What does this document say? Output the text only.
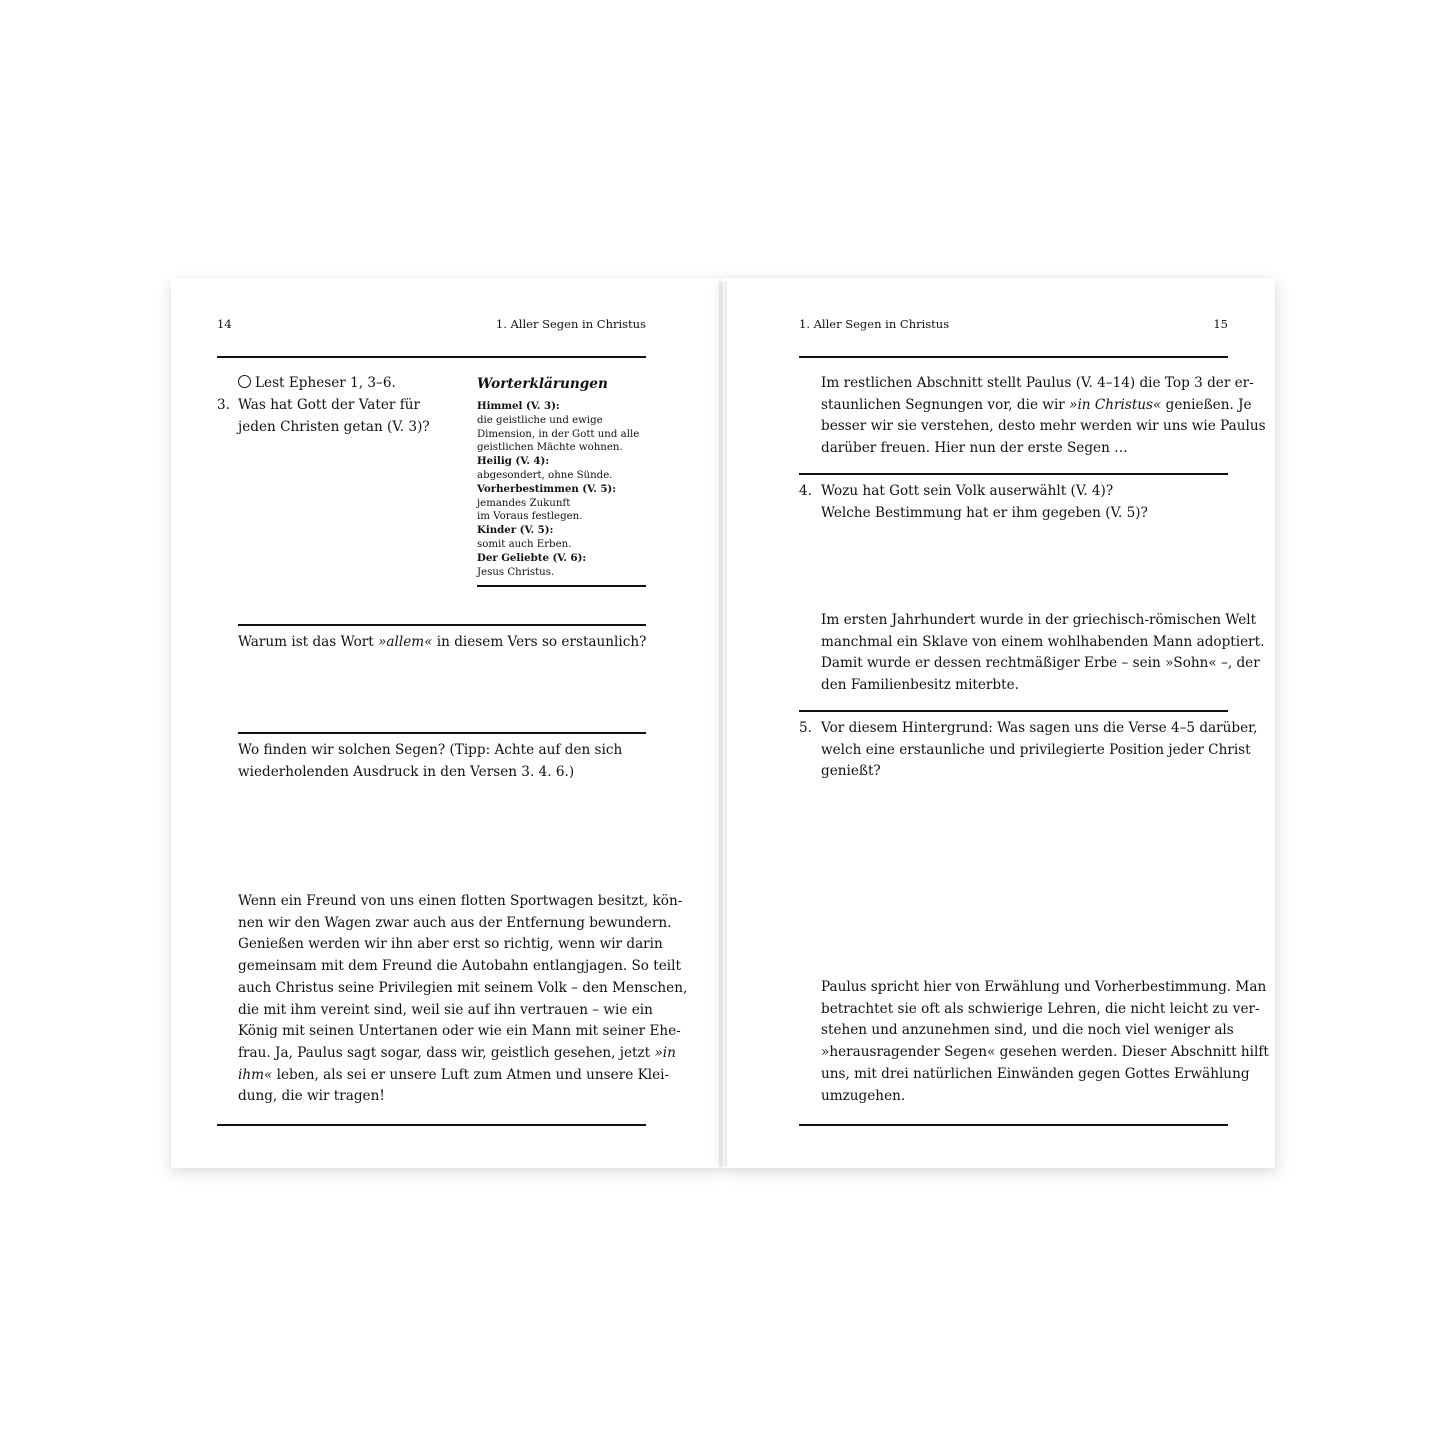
14	1. Aller Segen in Christus
Lest Epheser 1, 3–6.
3. Was hat Gott der Vater für
jeden Christen getan (V. 3)?
Worterklärungen
Himmel (V. 3):
die geistliche und ewige
Dimension, in der Gott und alle
geistlichen Mächte wohnen.
Heilig (V. 4):
abgesondert, ohne Sünde.
Vorherbestimmen (V. 5):
jemandes Zukunft
im Voraus festlegen.
Kinder (V. 5):
somit auch Erben.
Der Geliebte (V. 6):
Jesus Christus.
Warum ist das Wort »allem« in diesem Vers so erstaunlich?
Wo finden wir solchen Segen? (Tipp: Achte auf den sich
wiederholenden Ausdruck in den Versen 3. 4. 6.)
Wenn ein Freund von uns einen flotten Sportwagen besitzt, kön-
nen wir den Wagen zwar auch aus der Entfernung bewundern.
Genießen werden wir ihn aber erst so richtig, wenn wir darin
gemeinsam mit dem Freund die Autobahn entlangjagen. So teilt
auch Christus seine Privilegien mit seinem Volk – den Menschen,
die mit ihm vereint sind, weil sie auf ihn vertrauen – wie ein
König mit seinen Untertanen oder wie ein Mann mit seiner Ehe-
frau. Ja, Paulus sagt sogar, dass wir, geistlich gesehen, jetzt »in
ihm« leben, als sei er unsere Luft zum Atmen und unsere Klei-
dung, die wir tragen!
1. Aller Segen in Christus	15
Im restlichen Abschnitt stellt Paulus (V. 4–14) die Top 3 der er-
staunlichen Segnungen vor, die wir »in Christus« genießen. Je
besser wir sie verstehen, desto mehr werden wir uns wie Paulus
darüber freuen. Hier nun der erste Segen …
4. Wozu hat Gott sein Volk auserwählt (V. 4)?
Welche Bestimmung hat er ihm gegeben (V. 5)?
Im ersten Jahrhundert wurde in der griechisch-römischen Welt
manchmal ein Sklave von einem wohlhabenden Mann adoptiert.
Damit wurde er dessen rechtmäßiger Erbe – sein »Sohn« –, der
den Familienbesitz miterbte.
5. Vor diesem Hintergrund: Was sagen uns die Verse 4–5 darüber,
welch eine erstaunliche und privilegierte Position jeder Christ
genießt?
Paulus spricht hier von Erwählung und Vorherbestimmung. Man
betrachtet sie oft als schwierige Lehren, die nicht leicht zu ver-
stehen und anzunehmen sind, und die noch viel weniger als
»herausragender Segen« gesehen werden. Dieser Abschnitt hilft
uns, mit drei natürlichen Einwänden gegen Gottes Erwählung
umzugehen.
